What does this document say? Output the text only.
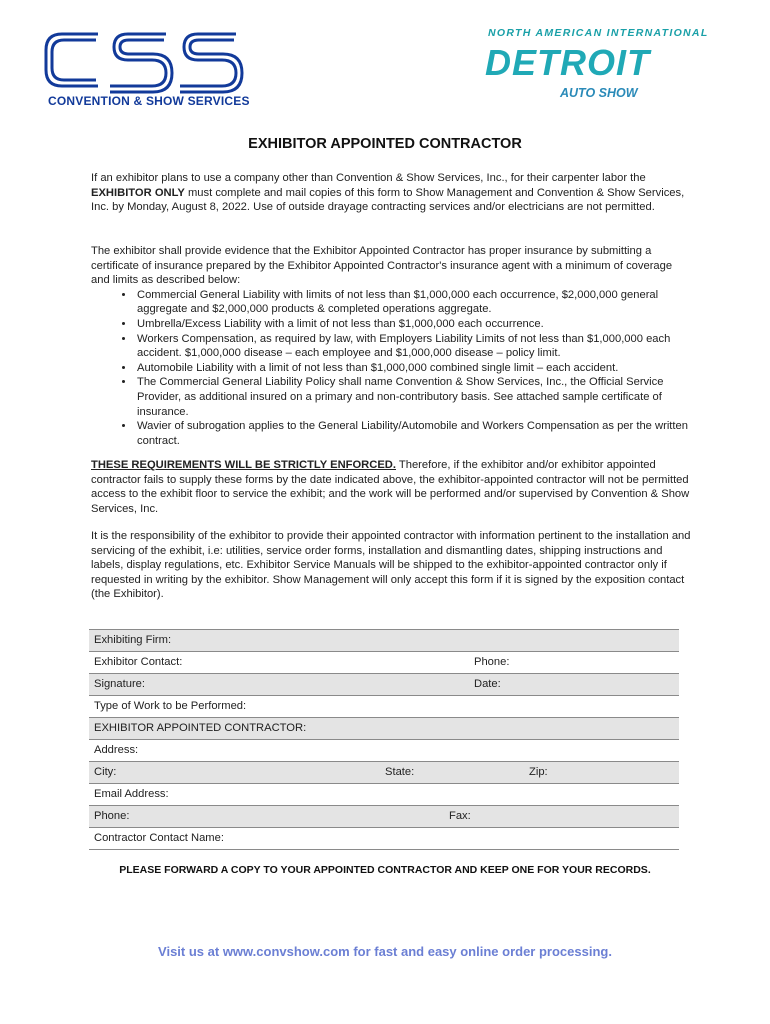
CONVENTION & SHOW SERVICES
NORTH AMERICAN INTERNATIONAL
DETROIT
AUTO SHOW
EXHIBITOR APPOINTED CONTRACTOR
If an exhibitor plans to use a company other than Convention & Show Services, Inc., for their carpenter labor the EXHIBITOR ONLY must complete and mail copies of this form to Show Management and Convention & Show Services, Inc. by Monday, August 8, 2022. Use of outside drayage contracting services and/or electricians are not permitted.
The exhibitor shall provide evidence that the Exhibitor Appointed Contractor has proper insurance by submitting a certificate of insurance prepared by the Exhibitor Appointed Contractor's insurance agent with a minimum of coverage and limits as described below:
• Commercial General Liability with limits of not less than $1,000,000 each occurrence, $2,000,000 general aggregate and $2,000,000 products & completed operations aggregate.
• Umbrella/Excess Liability with a limit of not less than $1,000,000 each occurrence.
• Workers Compensation, as required by law, with Employers Liability Limits of not less than $1,000,000 each accident. $1,000,000 disease – each employee and $1,000,000 disease – policy limit.
• Automobile Liability with a limit of not less than $1,000,000 combined single limit – each accident.
• The Commercial General Liability Policy shall name Convention & Show Services, Inc., the Official Service Provider, as additional insured on a primary and non-contributory basis. See attached sample certificate of insurance.
• Wavier of subrogation applies to the General Liability/Automobile and Workers Compensation as per the written contract.
THESE REQUIREMENTS WILL BE STRICTLY ENFORCED. Therefore, if the exhibitor and/or exhibitor appointed contractor fails to supply these forms by the date indicated above, the exhibitor-appointed contractor will not be permitted access to the exhibit floor to service the exhibit; and the work will be performed and/or supervised by Convention & Show Services, Inc.
It is the responsibility of the exhibitor to provide their appointed contractor with information pertinent to the installation and servicing of the exhibit, i.e: utilities, service order forms, installation and dismantling dates, shipping instructions and labels, display regulations, etc. Exhibitor Service Manuals will be shipped to the exhibitor-appointed contractor only if requested in writing by the exhibitor. Show Management will only accept this form if it is signed by the exposition contact (the Exhibitor).
Exhibiting Firm:
Exhibitor Contact:	Phone:
Signature:	Date:
Type of Work to be Performed:
EXHIBITOR APPOINTED CONTRACTOR:
Address:
City:	State:	Zip:
Email Address:
Phone:	Fax:
Contractor Contact Name:
PLEASE FORWARD A COPY TO YOUR APPOINTED CONTRACTOR AND KEEP ONE FOR YOUR RECORDS.
Visit us at www.convshow.com for fast and easy online order processing.
